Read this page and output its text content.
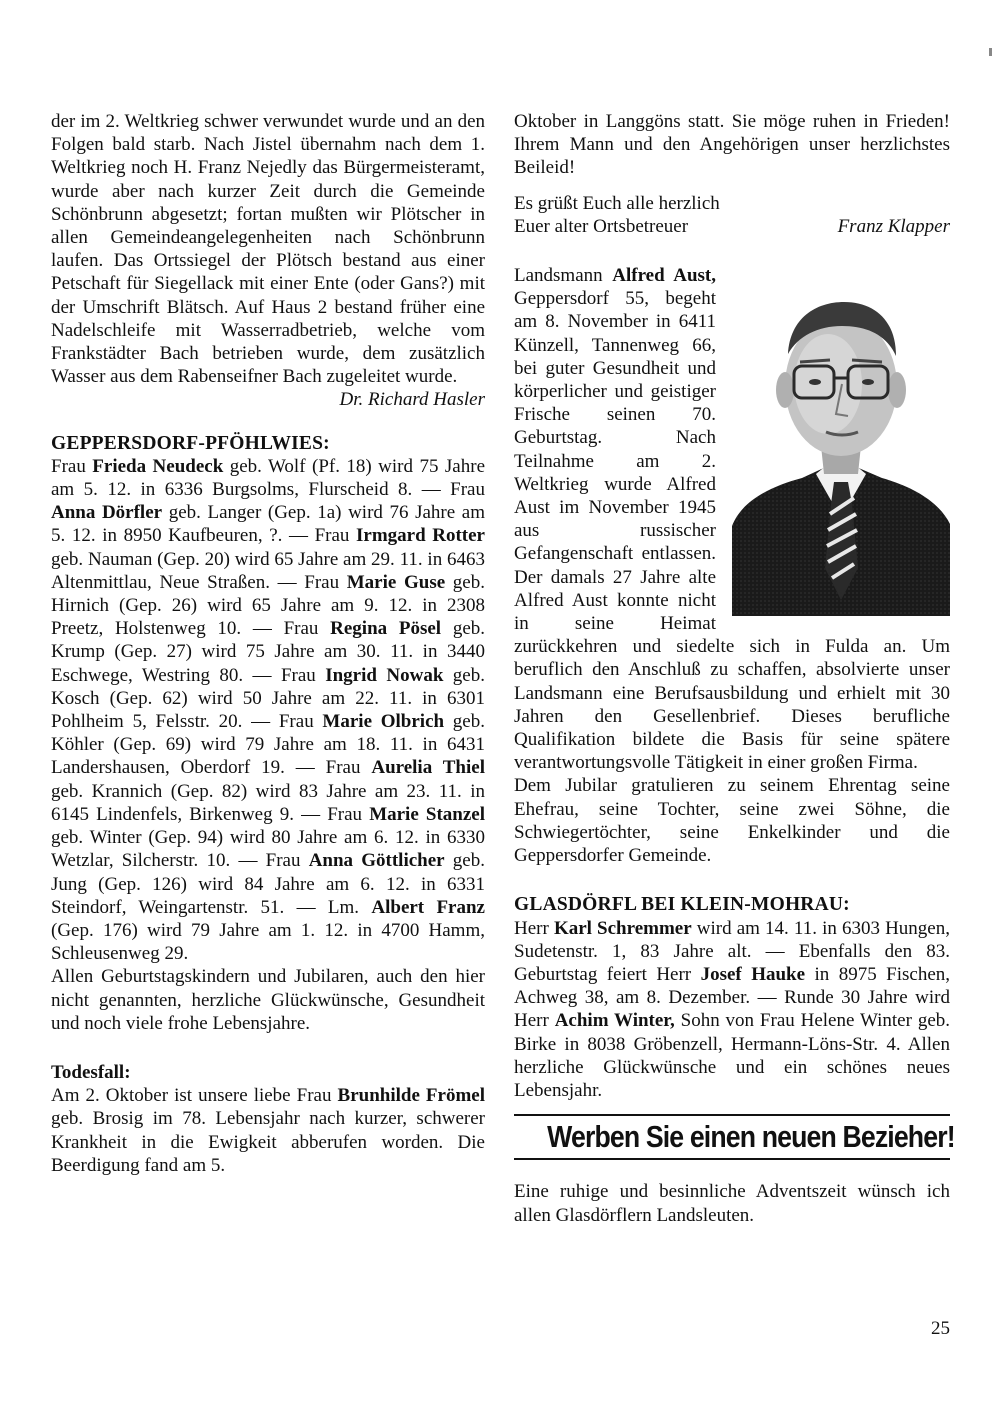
der im 2. Weltkrieg schwer verwundet wurde und an den Folgen bald starb. Nach Jistel übernahm nach dem 1. Weltkrieg noch H. Franz Nejedly das Bürgermeisteramt, wurde aber nach kurzer Zeit durch die Gemeinde Schönbrunn abgesetzt; fortan mußten wir Plötscher in allen Gemeindeangelegenheiten nach Schönbrunn laufen. Das Ortssiegel der Plötsch bestand aus einer Petschaft für Siegellack mit einer Ente (oder Gans?) mit der Umschrift Blätsch. Auf Haus 2 bestand früher eine Nadelschleife mit Wasserradbetrieb, welche vom Frankstädter Bach betrieben wurde, dem zusätzlich Wasser aus dem Rabenseifner Bach zugeleitet wurde.

Dr. Richard Hasler

GEPPERSDORF-PFÖHLWIES:

Frau Frieda Neudeck geb. Wolf (Pf. 18) wird 75 Jahre am 5. 12. in 6336 Burgsolms, Flurscheid 8. — Frau Anna Dörfler geb. Langer (Gep. 1a) wird 76 Jahre am 5. 12. in 8950 Kaufbeuren, ?. — Frau Irmgard Rotter geb. Nauman (Gep. 20) wird 65 Jahre am 29. 11. in 6463 Altenmittlau, Neue Straßen. — Frau Marie Guse geb. Hirnich (Gep. 26) wird 65 Jahre am 9. 12. in 2308 Preetz, Holstenweg 10. — Frau Regina Pösel geb. Krump (Gep. 27) wird 75 Jahre am 30. 11. in 3440 Eschwege, Westring 80. — Frau Ingrid Nowak geb. Kosch (Gep. 62) wird 50 Jahre am 22. 11. in 6301 Pohlheim 5, Felsstr. 20. — Frau Marie Olbrich geb. Köhler (Gep. 69) wird 79 Jahre am 18. 11. in 6431 Landershausen, Oberdorf 19. — Frau Aurelia Thiel geb. Krannich (Gep. 82) wird 83 Jahre am 23. 11. in 6145 Lindenfels, Birkenweg 9. — Frau Marie Stanzel geb. Winter (Gep. 94) wird 80 Jahre am 6. 12. in 6330 Wetzlar, Silcherstr. 10. — Frau Anna Göttlicher geb. Jung (Gep. 126) wird 84 Jahre am 6. 12. in 6331 Steindorf, Weingartenstr. 51. — Lm. Albert Franz (Gep. 176) wird 79 Jahre am 1. 12. in 4700 Hamm, Schleusenweg 29.

Allen Geburtstagskindern und Jubilaren, auch den hier nicht genannten, herzliche Glückwünsche, Gesundheit und noch viele frohe Lebensjahre.

Todesfall:

Am 2. Oktober ist unsere liebe Frau Brunhilde Frömel geb. Brosig im 78. Lebensjahr nach kurzer, schwerer Krankheit in die Ewigkeit abberufen worden. Die Beerdigung fand am 5.

Oktober in Langgöns statt. Sie möge ruhen in Frieden! Ihrem Mann und den Angehörigen unser herzlichstes Beileid!

Es grüßt Euch alle herzlich

Euer alter Ortsbetreuer	Franz Klapper

Landsmann Alfred Aust, Geppersdorf 55, begeht am 8. November in 6411 Künzell, Tannenweg 66, bei guter Gesundheit und körperlicher und geistiger Frische seinen 70. Geburtstag. Nach Teilnahme am 2. Weltkrieg wurde Alfred Aust im November 1945 aus russischer Gefangenschaft entlassen. Der damals 27 Jahre alte Alfred Aust konnte nicht in seine Heimat zurückkehren und siedelte sich in Fulda an. Um beruflich den Anschluß zu schaffen, absolvierte unser Landsmann eine Berufsausbildung und erhielt mit 30 Jahren den Gesellenbrief. Dieses berufliche Qualifikation bildete die Basis für seine spätere verantwortungsvolle Tätigkeit in einer großen Firma.

Dem Jubilar gratulieren zu seinem Ehrentag seine Ehefrau, seine Tochter, seine zwei Söhne, die Schwiegertöchter, seine Enkelkinder und die Geppersdorfer Gemeinde.

GLASDÖRFL BEI KLEIN-MOHRAU:

Herr Karl Schremmer wird am 14. 11. in 6303 Hungen, Sudetenstr. 1, 83 Jahre alt. — Ebenfalls den 83. Geburtstag feiert Herr Josef Hauke in 8975 Fischen, Achweg 38, am 8. Dezember. — Runde 30 Jahre wird Herr Achim Winter, Sohn von Frau Helene Winter geb. Birke in 8038 Gröbenzell, Hermann-Löns-Str. 4. Allen herzliche Glückwünsche und ein schönes neues Lebensjahr.

Werben Sie einen neuen Bezieher!

Eine ruhige und besinnliche Adventszeit wünsch ich allen Glasdörflern Landsleuten.

25
